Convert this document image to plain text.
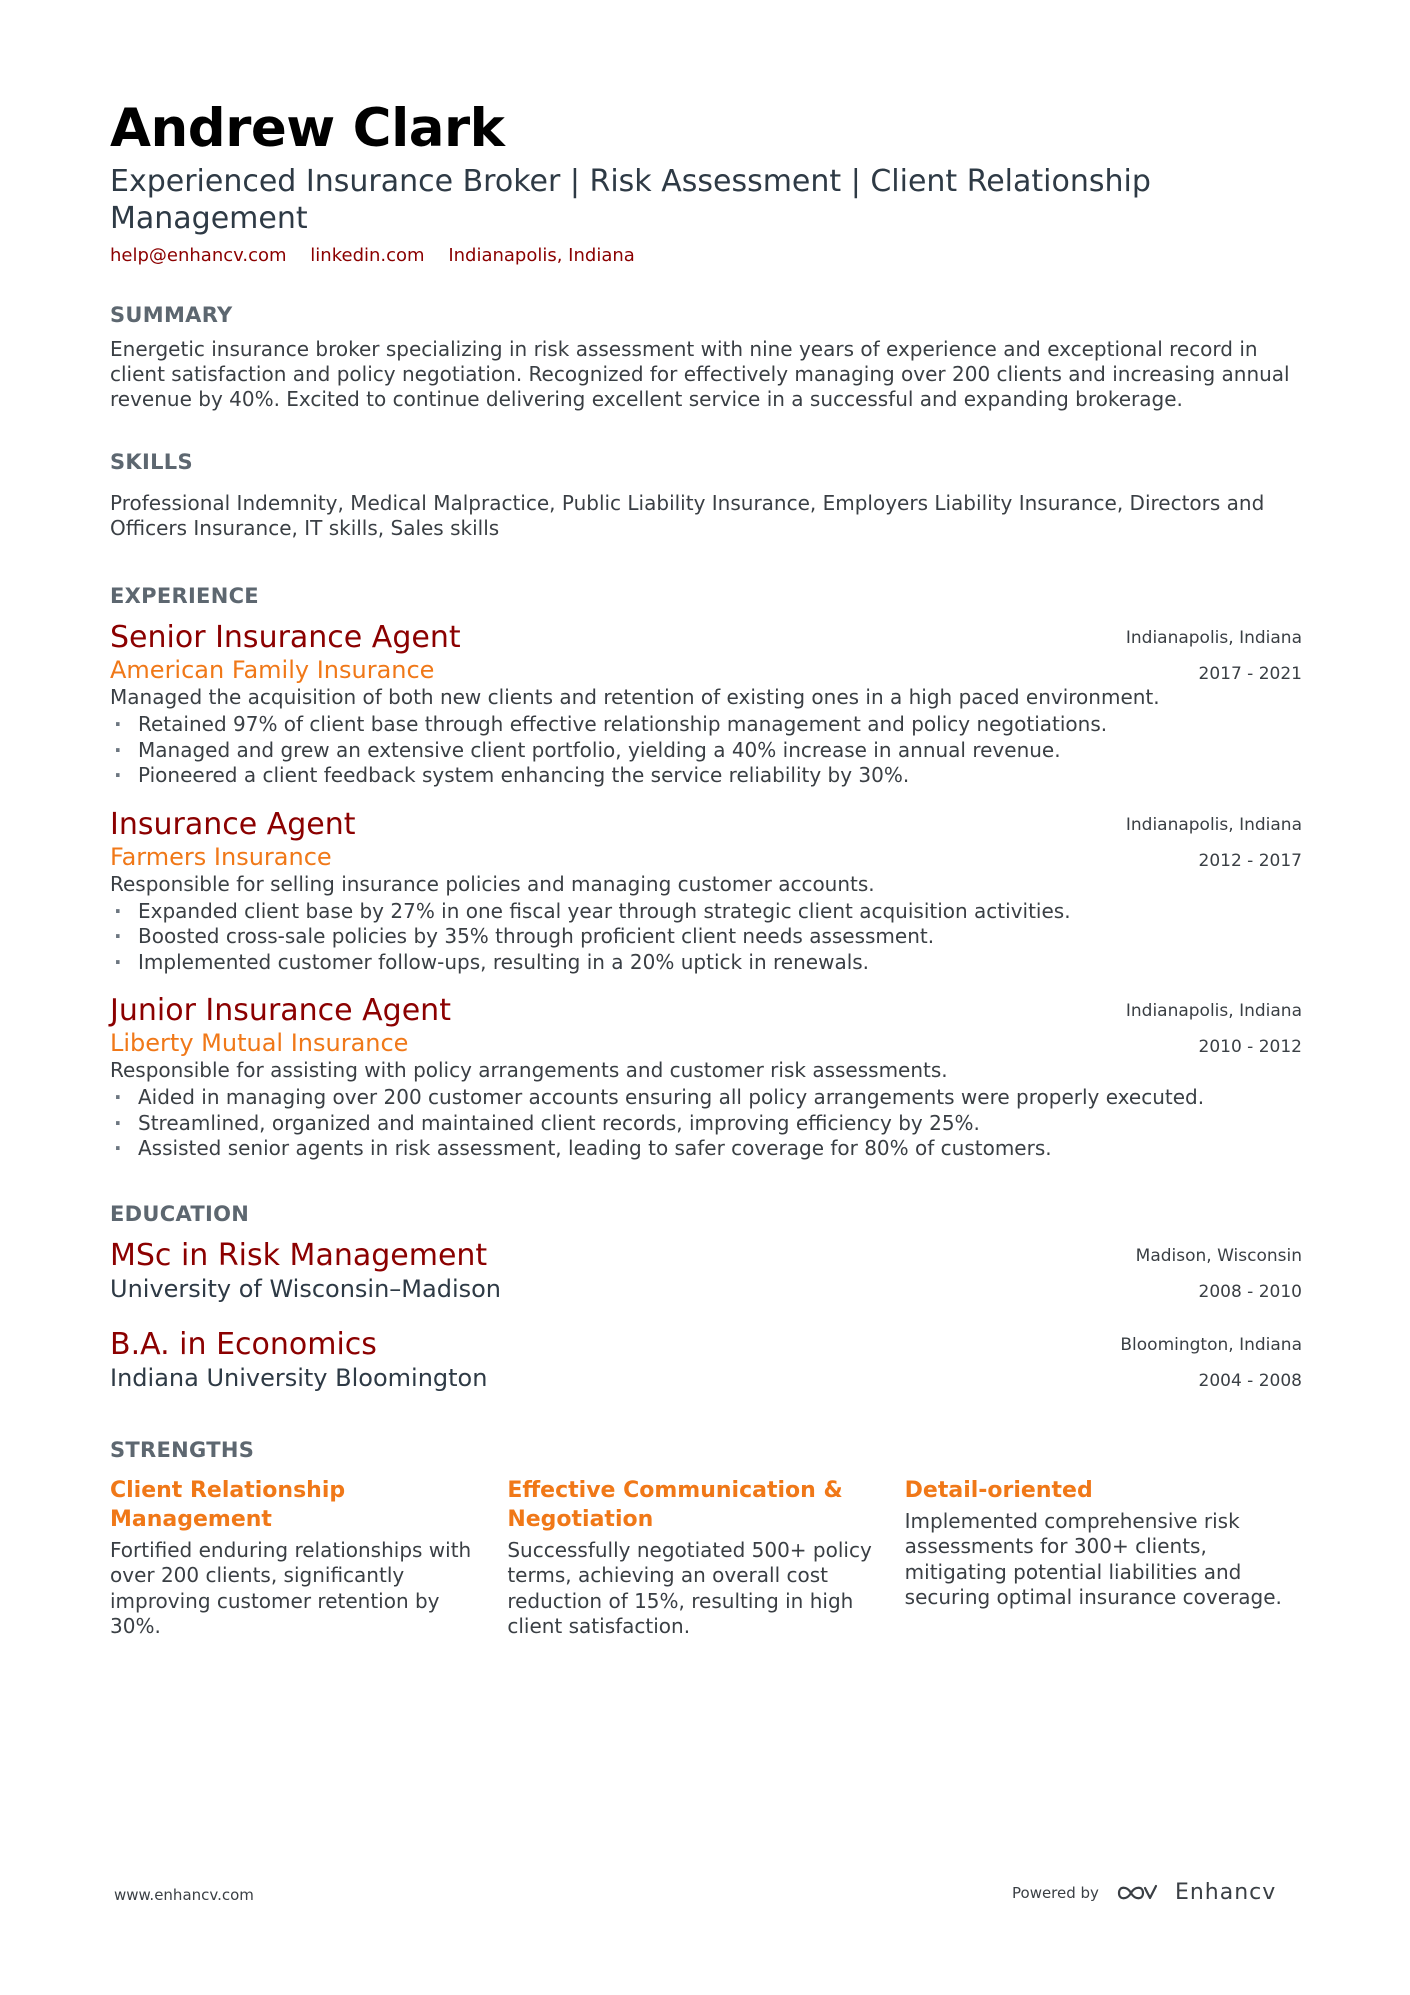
Andrew Clark
Experienced Insurance Broker | Risk Assessment | Client Relationship Management
help@enhancv.com linkedin.com Indianapolis, Indiana
SUMMARY
Energetic insurance broker specializing in risk assessment with nine years of experience and exceptional record in client satisfaction and policy negotiation. Recognized for effectively managing over 200 clients and increasing annual revenue by 40%. Excited to continue delivering excellent service in a successful and expanding brokerage.
SKILLS
Professional Indemnity, Medical Malpractice, Public Liability Insurance, Employers Liability Insurance, Directors and Officers Insurance, IT skills, Sales skills
EXPERIENCE
Senior Insurance Agent
American Family Insurance
Indianapolis, Indiana
2017 - 2021
Managed the acquisition of both new clients and retention of existing ones in a high paced environment.
· Retained 97% of client base through effective relationship management and policy negotiations.
· Managed and grew an extensive client portfolio, yielding a 40% increase in annual revenue.
· Pioneered a client feedback system enhancing the service reliability by 30%.
Insurance Agent
Farmers Insurance
Indianapolis, Indiana
2012 - 2017
Responsible for selling insurance policies and managing customer accounts.
· Expanded client base by 27% in one fiscal year through strategic client acquisition activities.
· Boosted cross-sale policies by 35% through proficient client needs assessment.
· Implemented customer follow-ups, resulting in a 20% uptick in renewals.
Junior Insurance Agent
Liberty Mutual Insurance
Indianapolis, Indiana
2010 - 2012
Responsible for assisting with policy arrangements and customer risk assessments.
· Aided in managing over 200 customer accounts ensuring all policy arrangements were properly executed.
· Streamlined, organized and maintained client records, improving efficiency by 25%.
· Assisted senior agents in risk assessment, leading to safer coverage for 80% of customers.
EDUCATION
MSc in Risk Management
University of Wisconsin–Madison
Madison, Wisconsin
2008 - 2010
B.A. in Economics
Indiana University Bloomington
Bloomington, Indiana
2004 - 2008
STRENGTHS
Client Relationship Management
Fortified enduring relationships with over 200 clients, significantly improving customer retention by 30%.
Effective Communication & Negotiation
Successfully negotiated 500+ policy terms, achieving an overall cost reduction of 15%, resulting in high client satisfaction.
Detail-oriented
Implemented comprehensive risk assessments for 300+ clients, mitigating potential liabilities and securing optimal insurance coverage.
www.enhancv.com	Powered by	Enhancv
